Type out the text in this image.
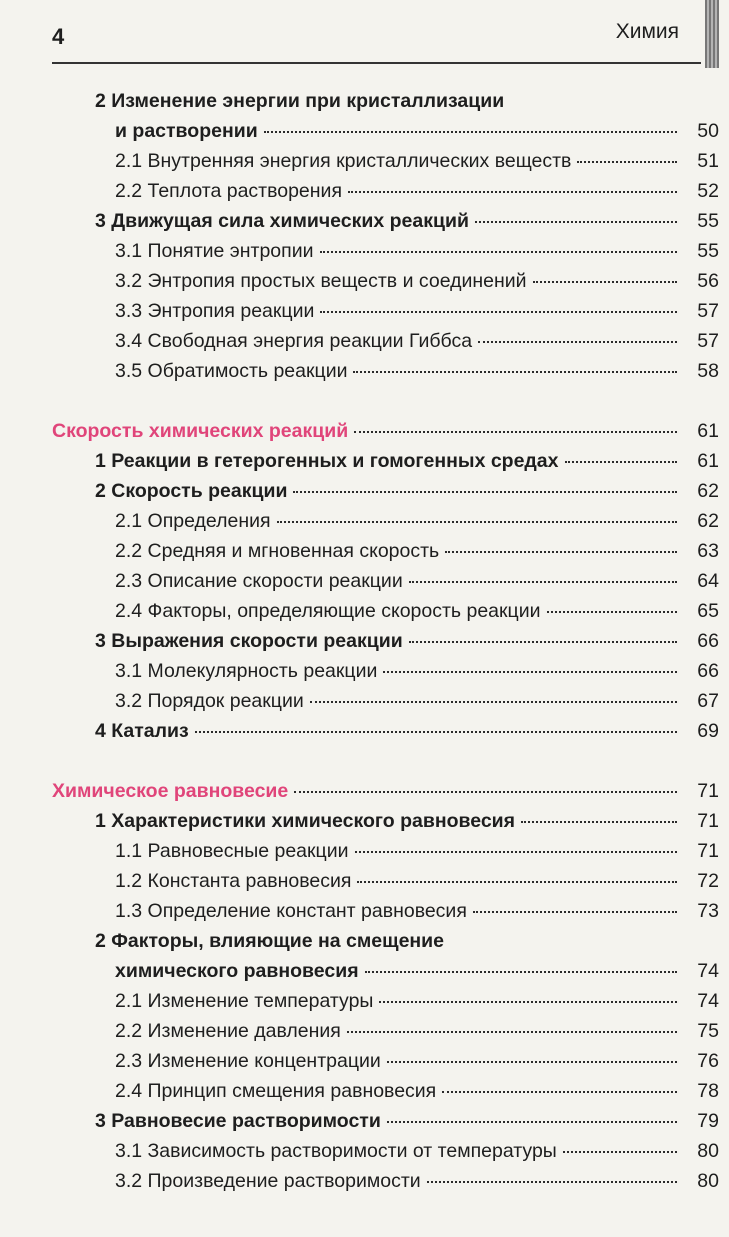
4	Химия
2 Изменение энергии при кристаллизации
и растворении	50
2.1 Внутренняя энергия кристаллических веществ	51
2.2 Теплота растворения	52
3 Движущая сила химических реакций	55
3.1 Понятие энтропии	55
3.2 Энтропия простых веществ и соединений	56
3.3 Энтропия реакции	57
3.4 Свободная энергия реакции Гиббса	57
3.5 Обратимость реакции	58
Скорость химических реакций	61
1 Реакции в гетерогенных и гомогенных средах	61
2 Скорость реакции	62
2.1 Определения	62
2.2 Средняя и мгновенная скорость	63
2.3 Описание скорости реакции	64
2.4 Факторы, определяющие скорость реакции	65
3 Выражения скорости реакции	66
3.1 Молекулярность реакции	66
3.2 Порядок реакции	67
4 Катализ	69
Химическое равновесие	71
1 Характеристики химического равновесия	71
1.1 Равновесные реакции	71
1.2 Константа равновесия	72
1.3 Определение констант равновесия	73
2 Факторы, влияющие на смещение
химического равновесия	74
2.1 Изменение температуры	74
2.2 Изменение давления	75
2.3 Изменение концентрации	76
2.4 Принцип смещения равновесия	78
3 Равновесие растворимости	79
3.1 Зависимость растворимости от температуры	80
3.2 Произведение растворимости	80
